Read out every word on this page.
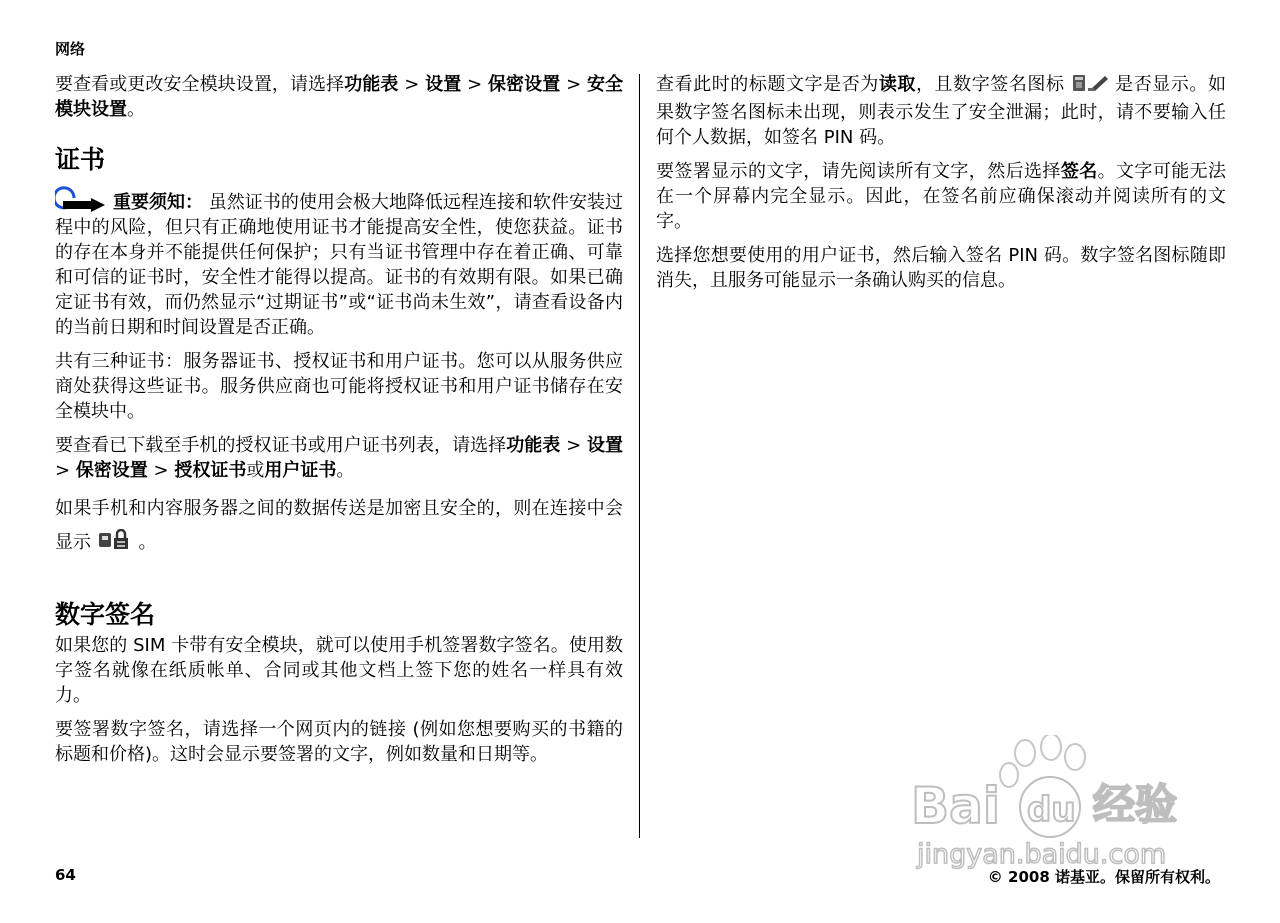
网络

要查看或更改安全模块设置，请选择功能表 > 设置 > 保密设置 > 安全模块设置。

证书

重要须知： 虽然证书的使用会极大地降低远程连接和软件安装过程中的风险，但只有正确地使用证书才能提高安全性，使您获益。证书的存在本身并不能提供任何保护；只有当证书管理中存在着正确、可靠和可信的证书时，安全性才能得以提高。证书的有效期有限。如果已确定证书有效，而仍然显示“过期证书”或“证书尚未生效”，请查看设备内的当前日期和时间设置是否正确。

共有三种证书：服务器证书、授权证书和用户证书。您可以从服务供应商处获得这些证书。服务供应商也可能将授权证书和用户证书储存在安全模块中。

要查看已下载至手机的授权证书或用户证书列表，请选择功能表 > 设置 > 保密设置 > 授权证书或用户证书。

如果手机和内容服务器之间的数据传送是加密且安全的，则在连接中会显示  。

数字签名

如果您的 SIM 卡带有安全模块，就可以使用手机签署数字签名。使用数字签名就像在纸质帐单、合同或其他文档上签下您的姓名一样具有效力。

要签署数字签名，请选择一个网页内的链接 (例如您想要购买的书籍的标题和价格)。这时会显示要签署的文字，例如数量和日期等。

查看此时的标题文字是否为读取，且数字签名图标  是否显示。如果数字签名图标未出现，则表示发生了安全泄漏；此时，请不要输入任何个人数据，如签名 PIN 码。

要签署显示的文字，请先阅读所有文字，然后选择签名。文字可能无法在一个屏幕内完全显示。因此，在签名前应确保滚动并阅读所有的文字。

选择您想要使用的用户证书，然后输入签名 PIN 码。数字签名图标随即消失，且服务可能显示一条确认购买的信息。

Bai du 经验
jingyan.baidu.com
64	© 2008 诺基亚。保留所有权利。
